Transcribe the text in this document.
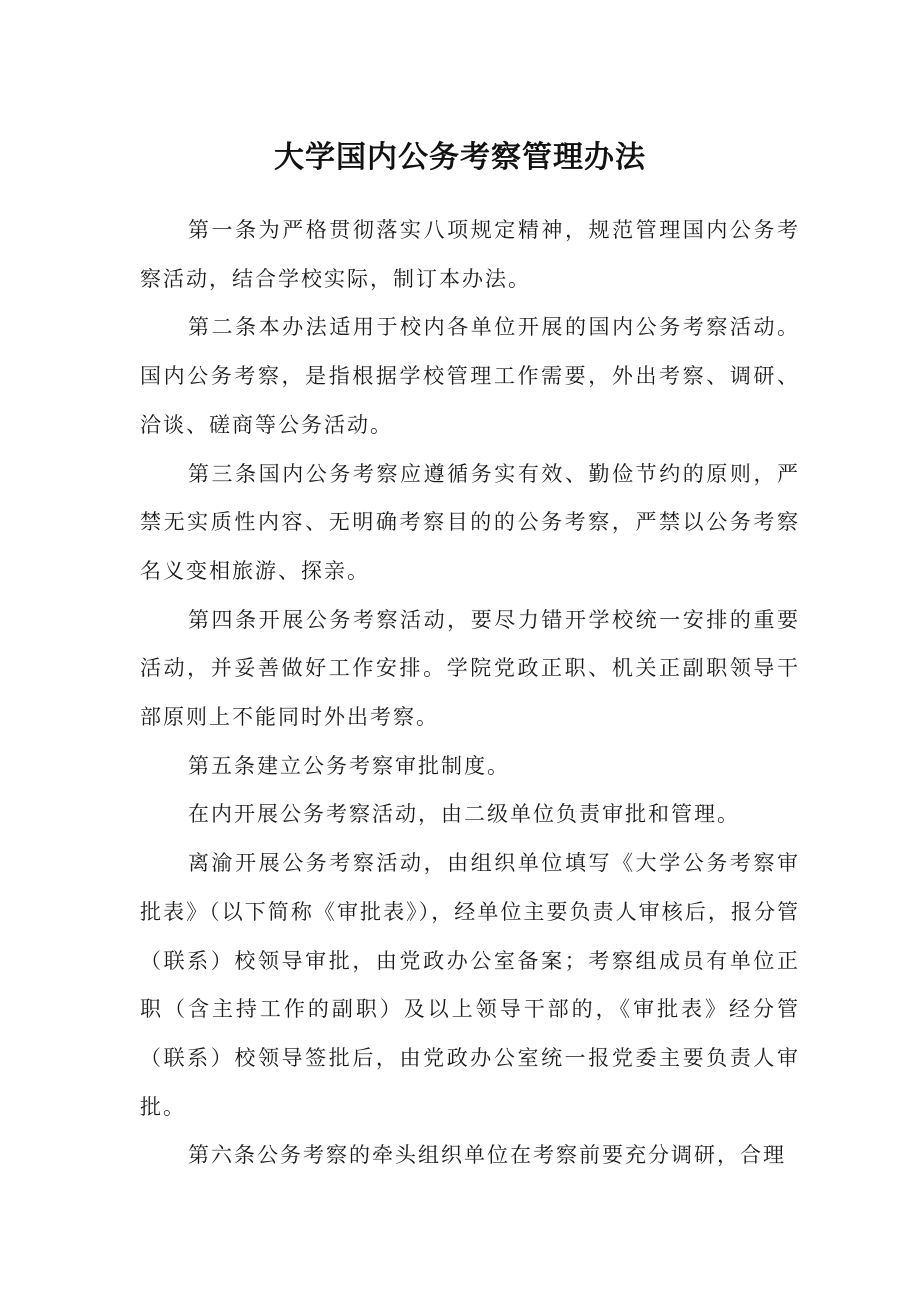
大学国内公务考察管理办法

第一条为严格贯彻落实八项规定精神，规范管理国内公务考察活动，结合学校实际，制订本办法。

第二条本办法适用于校内各单位开展的国内公务考察活动。国内公务考察，是指根据学校管理工作需要，外出考察、调研、洽谈、磋商等公务活动。

第三条国内公务考察应遵循务实有效、勤俭节约的原则，严禁无实质性内容、无明确考察目的的公务考察，严禁以公务考察名义变相旅游、探亲。

第四条开展公务考察活动，要尽力错开学校统一安排的重要活动，并妥善做好工作安排。学院党政正职、机关正副职领导干部原则上不能同时外出考察。

第五条建立公务考察审批制度。

在内开展公务考察活动，由二级单位负责审批和管理。

离渝开展公务考察活动，由组织单位填写《大学公务考察审批表》（以下简称《审批表》），经单位主要负责人审核后，报分管（联系）校领导审批，由党政办公室备案；考察组成员有单位正职（含主持工作的副职）及以上领导干部的，《审批表》经分管（联系）校领导签批后，由党政办公室统一报党委主要负责人审批。

第六条公务考察的牵头组织单位在考察前要充分调研，合理
